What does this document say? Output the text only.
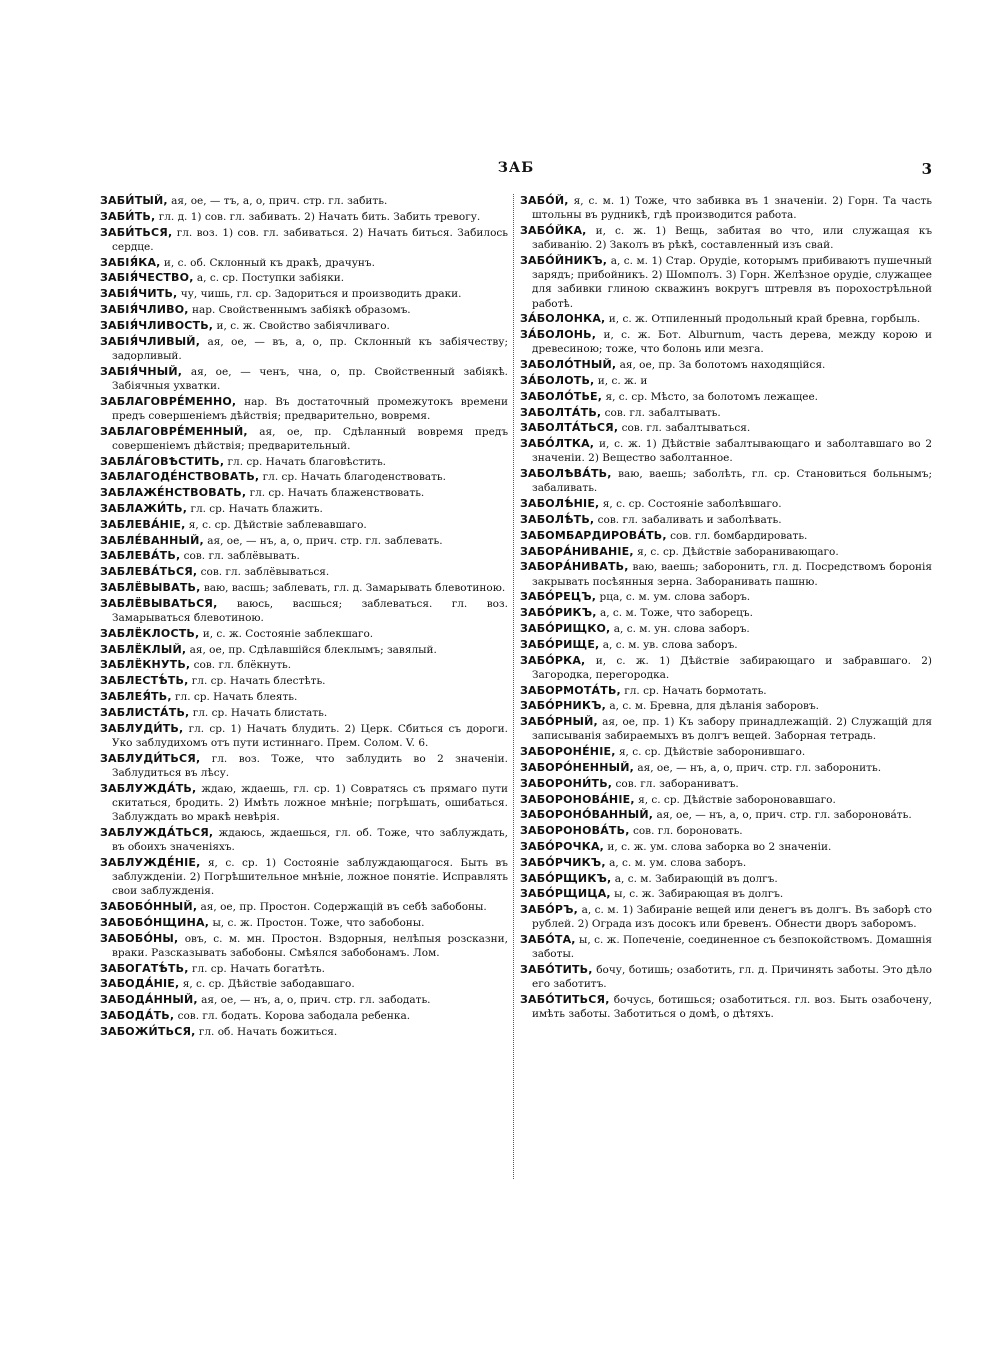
ЗАБ	3

ЗАБИ́ТЫЙ, ая, ое, — тъ, а, о, прич. стр. гл. забить.

ЗАБИ́ТЬ, гл. д. 1) сов. гл. забивать. 2) Начать бить. Забить тревогу.

ЗАБИ́ТЬСЯ, гл. воз. 1) сов. гл. забиваться. 2) Начать биться. Забилось сердце.

ЗАБІЯ́КА, и, с. об. Склонный къ дракѣ, драчунъ.

ЗАБІЯ́ЧЕСТВО, а, с. ср. Поступки забіяки.

ЗАБІЯ́ЧИТЬ, чу, чишь, гл. ср. Задориться и производить драки.

ЗАБІЯ́ЧЛИВО, нар. Свойственнымъ забіякѣ образомъ.

ЗАБІЯ́ЧЛИВОСТЬ, и, с. ж. Свойство забіячливаго.

ЗАБІЯ́ЧЛИВЫЙ, ая, ое, — въ, а, о, пр. Склонный къ забіячеству; задорливый.

ЗАБІЯ́ЧНЫЙ, ая, ое, — ченъ, чна, о, пр. Свойственный забіякѣ. Забіячныя ухватки.

ЗАБЛАГОВРЕ́МЕННО, нар. Въ достаточный промежутокъ времени предъ совершеніемъ дѣйствія; предварительно, вовремя.

ЗАБЛАГОВРЕ́МЕННЫЙ, ая, ое, пр. Сдѣланный вовремя предъ совершеніемъ дѣйствія; предварительный.

ЗАБЛА́ГОВѢСТИТЬ, гл. ср. Начать благовѣстить.

ЗАБЛАГОДЕ́НСТВОВАТЬ, гл. ср. Начать благоденствовать.

ЗАБЛАЖЕ́НСТВОВАТЬ, гл. ср. Начать блаженствовать.

ЗАБЛАЖИ́ТЬ, гл. ср. Начать блажить.

ЗАБЛЕВА́НІЕ, я, с. ср. Дѣйствіе заблевавшаго.

ЗАБЛЕ́ВАННЫЙ, ая, ое, — нъ, а, о, прич. стр. гл. заблевать.

ЗАБЛЕВА́ТЬ, сов. гл. заблёвывать.

ЗАБЛЕВА́ТЬСЯ, сов. гл. заблёвываться.

ЗАБЛЁВЫВАТЬ, ваю, васшь; заблевать, гл. д. Замарывать блевотиною.

ЗАБЛЁВЫВАТЬСЯ, ваюсь, васшься; заблеваться. гл. воз. Замарываться блевотиною.

ЗАБЛЁКЛОСТЬ, и, с. ж. Состояніе заблекшаго.

ЗАБЛЁКЛЫЙ, ая, ое, пр. Сдѣлавшійся блеклымъ; завялый.

ЗАБЛЁКНУТЬ, сов. гл. блёкнуть.

ЗАБЛЕСТѢ́ТЬ, гл. ср. Начать блестѣть.

ЗАБЛЕЯ́ТЬ, гл. ср. Начать блеять.

ЗАБЛИСТА́ТЬ, гл. ср. Начать блистать.

ЗАБЛУДИ́ТЬ, гл. ср. 1) Начать блудить. 2) Церк. Сбиться съ дороги. Уко заблудихомъ отъ пути истиннаго. Прем. Солом. V. 6.

ЗАБЛУДИ́ТЬСЯ, гл. воз. Тоже, что заблудить во 2 значеніи. Заблудиться въ лѣсу.

ЗАБЛУЖДА́ТЬ, ждаю, ждаешь, гл. ср. 1) Совратясь съ прямаго пути скитаться, бродить. 2) Имѣть ложное мнѣніе; погрѣшать, ошибаться. Заблуждать во мракѣ невѣрія.

ЗАБЛУЖДА́ТЬСЯ, ждаюсь, ждаешься, гл. об. Тоже, что заблуждать, въ обоихъ значеніяхъ.

ЗАБЛУЖДЕ́НІЕ, я, с. ср. 1) Состояніе заблуждающагося. Быть въ заблужденіи. 2) Погрѣшительное мнѣніе, ложное понятіе. Исправлять свои заблужденія.

ЗАБОБО́ННЫЙ, ая, ое, пр. Простон. Содержащій въ себѣ забобоны.

ЗАБОБО́НЩИНА, ы, с. ж. Простон. Тоже, что забобоны.

ЗАБОБО́НЫ, овъ, с. м. мн. Простон. Вздорныя, нелѣпыя розсказни, враки. Разсказывать забобоны. Смѣялся забобонамъ. Лом.

ЗАБОГАТѢ́ТЬ, гл. ср. Начать богатѣть.

ЗАБОДА́НІЕ, я, с. ср. Дѣйствіе забодавшаго.

ЗАБОДА́ННЫЙ, ая, ое, — нъ, а, о, прич. стр. гл. забодать.

ЗАБОДА́ТЬ, сов. гл. бодать. Корова забодала ребенка.

ЗАБОЖИ́ТЬСЯ, гл. об. Начать божиться.

ЗАБО́Й, я, с. м. 1) Тоже, что забивка въ 1 значеніи. 2) Горн. Та часть штольны въ рудникѣ, гдѣ производится работа.

ЗАБО́ЙКА, и, с. ж. 1) Вещь, забитая во что, или служащая къ забиванію. 2) Заколъ въ рѣкѣ, составленный изъ свай.

ЗАБО́ЙНИКЪ, а, с. м. 1) Стар. Орудіе, которымъ прибиваютъ пушечный зарядъ; прибойникъ. 2) Шомполъ. 3) Горн. Желѣзное орудіе, служащее для забивки глиною скважинъ вокругъ штревля въ порохострѣльной работѣ.

ЗА́БОЛОНКА, и, с. ж. Отпиленный продольный край бревна, горбыль.

ЗА́БОЛОНЬ, и, с. ж. Бот. Alburnum, часть дерева, между корою и древесиною; тоже, что болонь или мезга.

ЗАБОЛО́ТНЫЙ, ая, ое, пр. За болотомъ находящійся.

ЗА́БОЛОТЬ, и, с. ж. и

ЗАБОЛО́ТЬЕ, я, с. ср. Мѣсто, за болотомъ лежащее.

ЗАБОЛТА́ТЬ, сов. гл. забалтывать.

ЗАБОЛТА́ТЬСЯ, сов. гл. забалтываться.

ЗАБО́ЛТКА, и, с. ж. 1) Дѣйствіе забалтывающаго и заболтавшаго во 2 значеніи. 2) Вещество заболтанное.

ЗАБОЛѢВА́ТЬ, ваю, ваешь; заболѣть, гл. ср. Становиться больнымъ; забаливать.

ЗАБОЛѢ́НІЕ, я, с. ср. Состояніе заболѣвшаго.

ЗАБОЛѢ́ТЬ, сов. гл. забаливать и заболѣвать.

ЗАБОМБАРДИРОВА́ТЬ, сов. гл. бомбардировать.

ЗАБОРА́НИВАНІЕ, я, с. ср. Дѣйствіе заборанивающаго.

ЗАБОРА́НИВАТЬ, ваю, ваешь; заборонить, гл. д. Посредствомъ боронія закрывать посѣянныя зерна. Заборанивать пашню.

ЗАБО́РЕЦЪ, рца, с. м. ум. слова заборъ.

ЗАБО́РИКЪ, а, с. м. Тоже, что заборецъ.

ЗАБО́РИЩКО, а, с. м. ун. слова заборъ.

ЗАБО́РИЩЕ, а, с. м. ув. слова заборъ.

ЗАБО́РКА, и, с. ж. 1) Дѣйствіе забирающаго и забравшаго. 2) Загородка, перегородка.

ЗАБОРМОТА́ТЬ, гл. ср. Начать бормотать.

ЗАБО́РНИКЪ, а, с. м. Бревна, для дѣланія заборовъ.

ЗАБО́РНЫЙ, ая, ое, пр. 1) Къ забору принадлежащій. 2) Служащій для записыванія забираемыхъ въ долгъ вещей. Заборная тетрадь.

ЗАБОРОНЕ́НІЕ, я, с. ср. Дѣйствіе заборонившаго.

ЗАБОРО́НЕННЫЙ, ая, ое, — нъ, а, о, прич. стр. гл. заборонить.

ЗАБОРОНИ́ТЬ, сов. гл. забораниватъ.

ЗАБОРОНОВА́НІЕ, я, с. ср. Дѣйствіе забороновавшаго.

ЗАБОРОНО́ВАННЫЙ, ая, ое, — нъ, а, о, прич. стр. гл. заборонова́ть.

ЗАБОРОНОВА́ТЬ, сов. гл. бороновать.

ЗАБО́РОЧКА, и, с. ж. ум. слова заборка во 2 значеніи.

ЗАБО́РЧИКЪ, а, с. м. ум. слова заборъ.

ЗАБО́РЩИКЪ, а, с. м. Забирающій въ долгъ.

ЗАБО́РЩИЦА, ы, с. ж. Забирающая въ долгъ.

ЗАБО́РЪ, а, с. м. 1) Забираніе вещей или денегъ въ долгъ. Въ заборѣ сто рублей. 2) Ограда изъ досокъ или бревенъ. Обнести дворъ заборомъ.

ЗАБО́ТА, ы, с. ж. Попеченіе, соединенное съ безпокойствомъ. Домашнія заботы.

ЗАБО́ТИТЬ, бочу, ботишь; озаботить, гл. д. Причинять заботы. Это дѣло его заботитъ.

ЗАБО́ТИТЬСЯ, бочусь, ботишься; озаботиться. гл. воз. Быть озабочену, имѣть заботы. Заботиться о домѣ, о дѣтяхъ.
